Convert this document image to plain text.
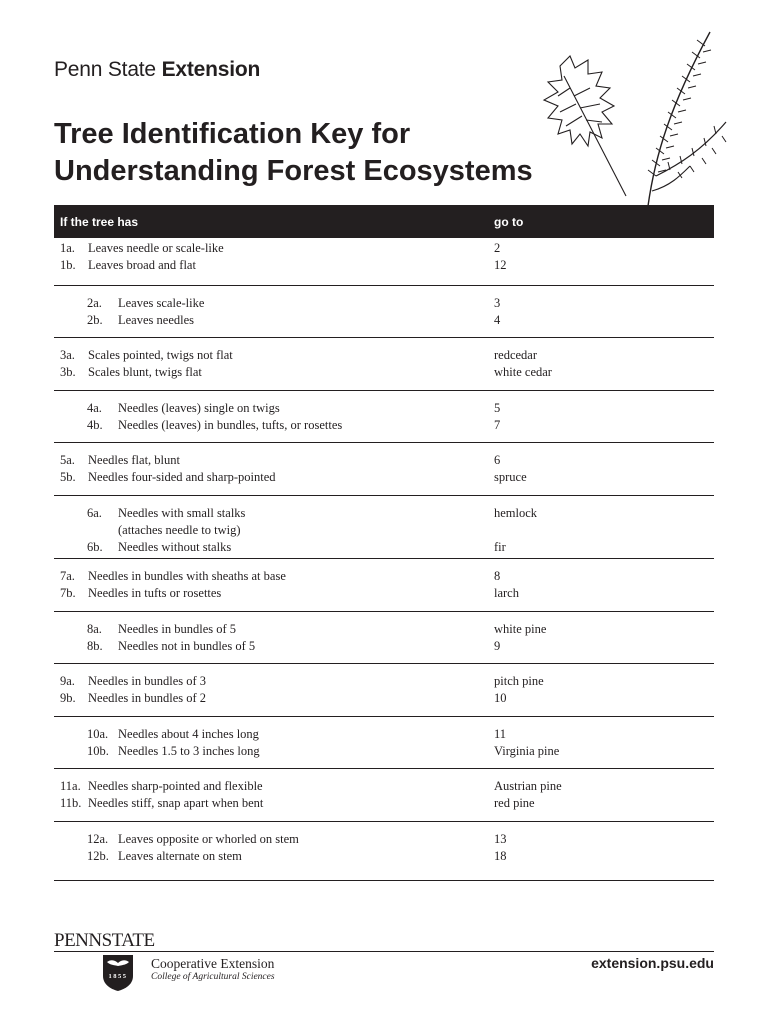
Penn State Extension
Tree Identification Key for
Understanding Forest Ecosystems
If the tree has	go to
1a. Leaves needle or scale-like	2
1b. Leaves broad and flat	12
2a. Leaves scale-like	3
2b. Leaves needles	4
3a. Scales pointed, twigs not flat	redcedar
3b. Scales blunt, twigs flat	white cedar
4a. Needles (leaves) single on twigs	5
4b. Needles (leaves) in bundles, tufts, or rosettes	7
5a. Needles flat, blunt	6
5b. Needles four-sided and sharp-pointed	spruce
6a. Needles with small stalks	hemlock
(attaches needle to twig)
6b. Needles without stalks	fir
7a. Needles in bundles with sheaths at base	8
7b. Needles in tufts or rosettes	larch
8a. Needles in bundles of 5	white pine
8b. Needles not in bundles of 5	9
9a. Needles in bundles of 3	pitch pine
9b. Needles in bundles of 2	10
10a. Needles about 4 inches long	11
10b. Needles 1.5 to 3 inches long	Virginia pine
11a. Needles sharp-pointed and flexible	Austrian pine
11b. Needles stiff, snap apart when bent	red pine
12a. Leaves opposite or whorled on stem	13
12b. Leaves alternate on stem	18
PENNSTATE
1855
Cooperative Extension
College of Agricultural Sciences
extension.psu.edu
